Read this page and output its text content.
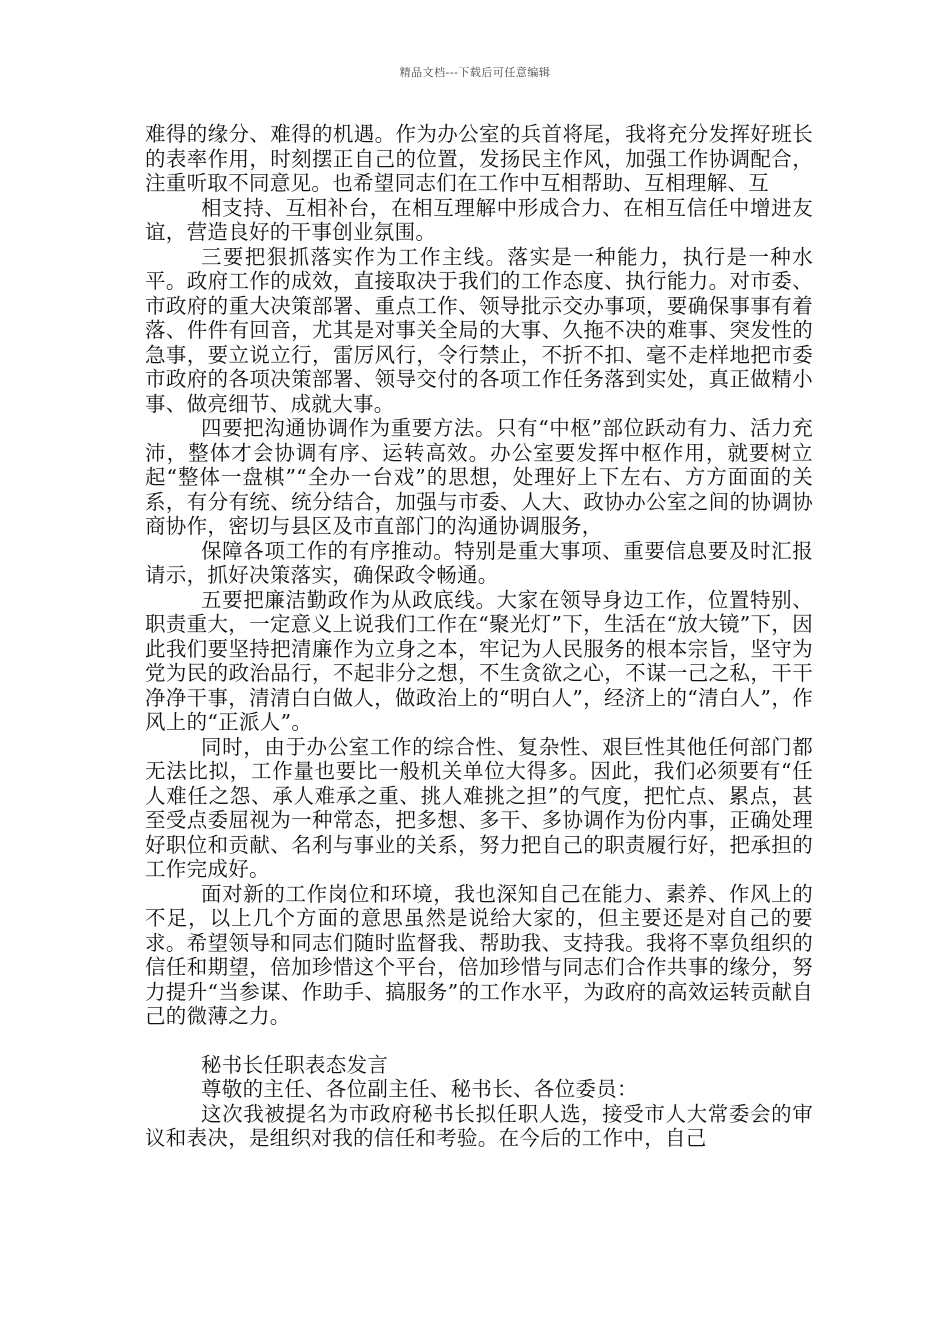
精品文档---下载后可任意编辑

难得的缘分、难得的机遇。作为办公室的兵首将尾，我将充分发挥好班长的表率作用，时刻摆正自己的位置，发扬民主作风，加强工作协调配合，注重听取不同意见。也希望同志们在工作中互相帮助、互相理解、互

相支持、互相补台，在相互理解中形成合力、在相互信任中增进友谊，营造良好的干事创业氛围。

三要把狠抓落实作为工作主线。落实是一种能力，执行是一种水平。政府工作的成效，直接取决于我们的工作态度、执行能力。对市委、市政府的重大决策部署、重点工作、领导批示交办事项，要确保事事有着落、件件有回音，尤其是对事关全局的大事、久拖不决的难事、突发性的急事，要立说立行，雷厉风行，令行禁止，不折不扣、毫不走样地把市委市政府的各项决策部署、领导交付的各项工作任务落到实处，真正做精小事、做亮细节、成就大事。

四要把沟通协调作为重要方法。只有“中枢”部位跃动有力、活力充沛，整体才会协调有序、运转高效。办公室要发挥中枢作用，就要树立起“整体一盘棋”“全办一台戏”的思想，处理好上下左右、方方面面的关系，有分有统、统分结合，加强与市委、人大、政协办公室之间的协调协商协作，密切与县区及市直部门的沟通协调服务，

保障各项工作的有序推动。特别是重大事项、重要信息要及时汇报请示，抓好决策落实，确保政令畅通。

五要把廉洁勤政作为从政底线。大家在领导身边工作，位置特别、职责重大，一定意义上说我们工作在“聚光灯”下，生活在“放大镜”下，因此我们要坚持把清廉作为立身之本，牢记为人民服务的根本宗旨，坚守为党为民的政治品行，不起非分之想，不生贪欲之心，不谋一己之私，干干净净干事，清清白白做人，做政治上的“明白人”，经济上的“清白人”，作风上的“正派人”。

同时，由于办公室工作的综合性、复杂性、艰巨性其他任何部门都无法比拟，工作量也要比一般机关单位大得多。因此，我们必须要有“任人难任之怨、承人难承之重、挑人难挑之担”的气度，把忙点、累点，甚至受点委屈视为一种常态，把多想、多干、多协调作为份内事，正确处理好职位和贡献、名利与事业的关系，努力把自己的职责履行好，把承担的工作完成好。

面对新的工作岗位和环境，我也深知自己在能力、素养、作风上的不足，以上几个方面的意思虽然是说给大家的，但主要还是对自己的要求。希望领导和同志们随时监督我、帮助我、支持我。我将不辜负组织的信任和期望，倍加珍惜这个平台，倍加珍惜与同志们合作共事的缘分，努力提升“当参谋、作助手、搞服务”的工作水平，为政府的高效运转贡献自己的微薄之力。

秘书长任职表态发言

尊敬的主任、各位副主任、秘书长、各位委员：

这次我被提名为市政府秘书长拟任职人选，接受市人大常委会的审议和表决，是组织对我的信任和考验。在今后的工作中，自己
